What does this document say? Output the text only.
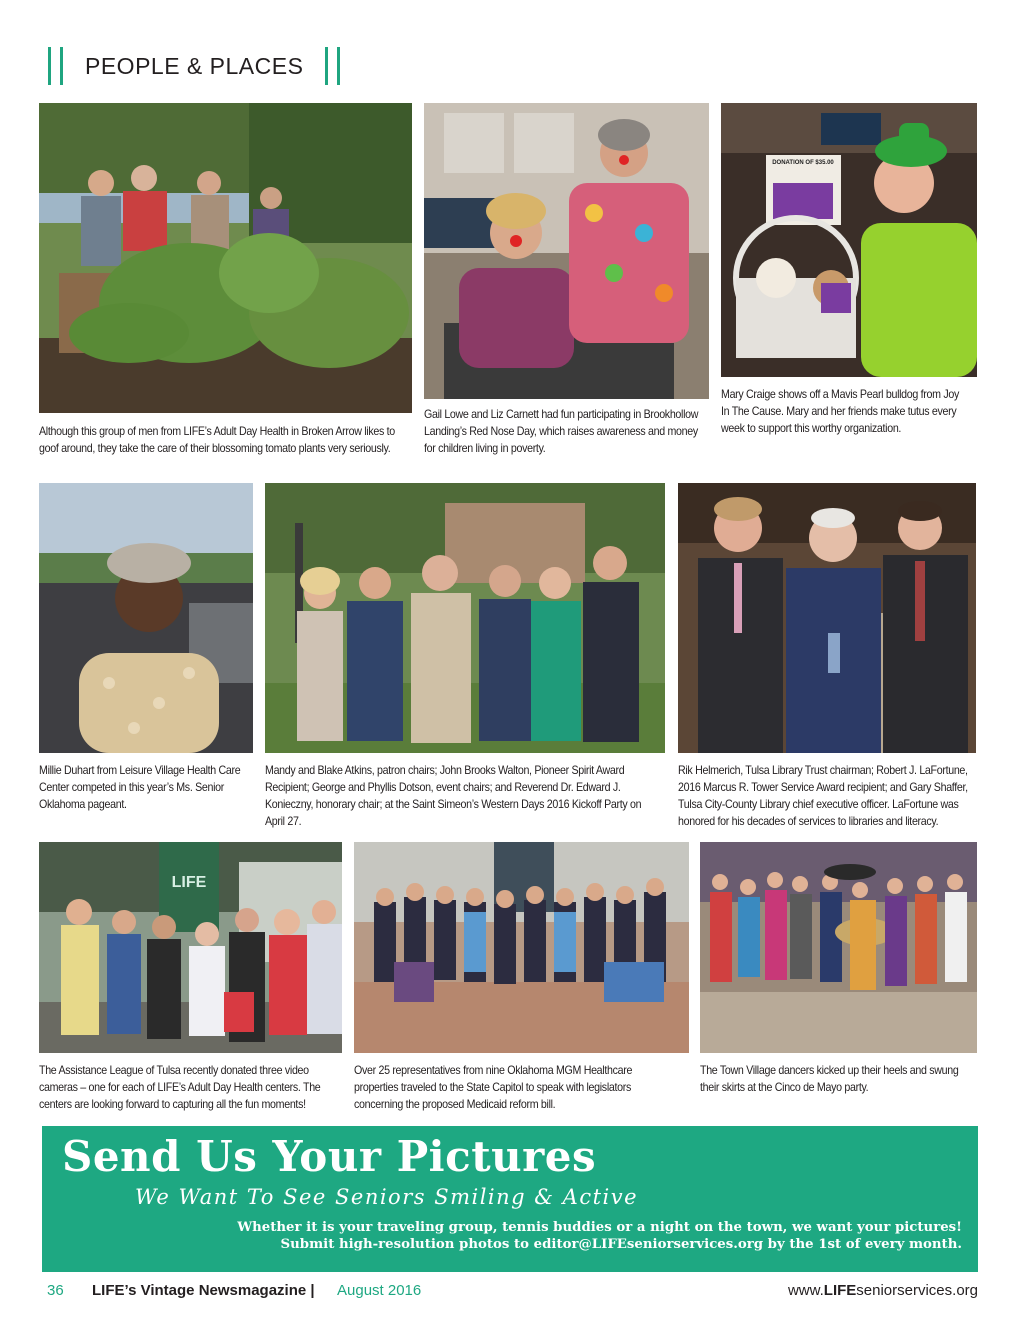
PEOPLE & PLACES
Although this group of men from LIFE’s Adult Day Health in Broken Arrow likes to goof around, they take the care of their blossoming tomato plants very seriously.
Gail Lowe and Liz Carnett had fun participating in Brookhollow Landing’s Red Nose Day, which raises awareness and money for children living in poverty.
DONATION OF $35.00
Mary Craige shows off a Mavis Pearl bulldog from Joy In The Cause. Mary and her friends make tutus every week to support this worthy organization.
Millie Duhart from Leisure Village Health Care Center competed in this year’s Ms. Senior Oklahoma pageant.
Mandy and Blake Atkins, patron chairs; John Brooks Walton, Pioneer Spirit Award Recipient; George and Phyllis Dotson, event chairs; and Reverend Dr. Edward J. Konieczny, honorary chair; at the Saint Simeon’s Western Days 2016 Kickoff Party on April 27.
Rik Helmerich, Tulsa Library Trust chairman; Robert J. LaFortune, 2016 Marcus R. Tower Service Award recipient; and Gary Shaffer, Tulsa City-County Library chief executive officer. LaFortune was honored for his decades of services to libraries and literacy.
LIFE
The Assistance League of Tulsa recently donated three video cameras – one for each of LIFE’s Adult Day Health centers. The centers are looking forward to capturing all the fun moments!
Over 25 representatives from nine Oklahoma MGM Healthcare properties traveled to the State Capitol to speak with legislators concerning the proposed Medicaid reform bill.
The Town Village dancers kicked up their heels and swung their skirts at the Cinco de Mayo party.
Send Us Your Pictures
We Want To See Seniors Smiling & Active
Whether it is your traveling group, tennis buddies or a night on the town, we want your pictures!
Submit high-resolution photos to editor@LIFEseniorservices.org by the 1st of every month.
36 LIFE’s Vintage Newsmagazine | August 2016	www.LIFEseniorservices.org
